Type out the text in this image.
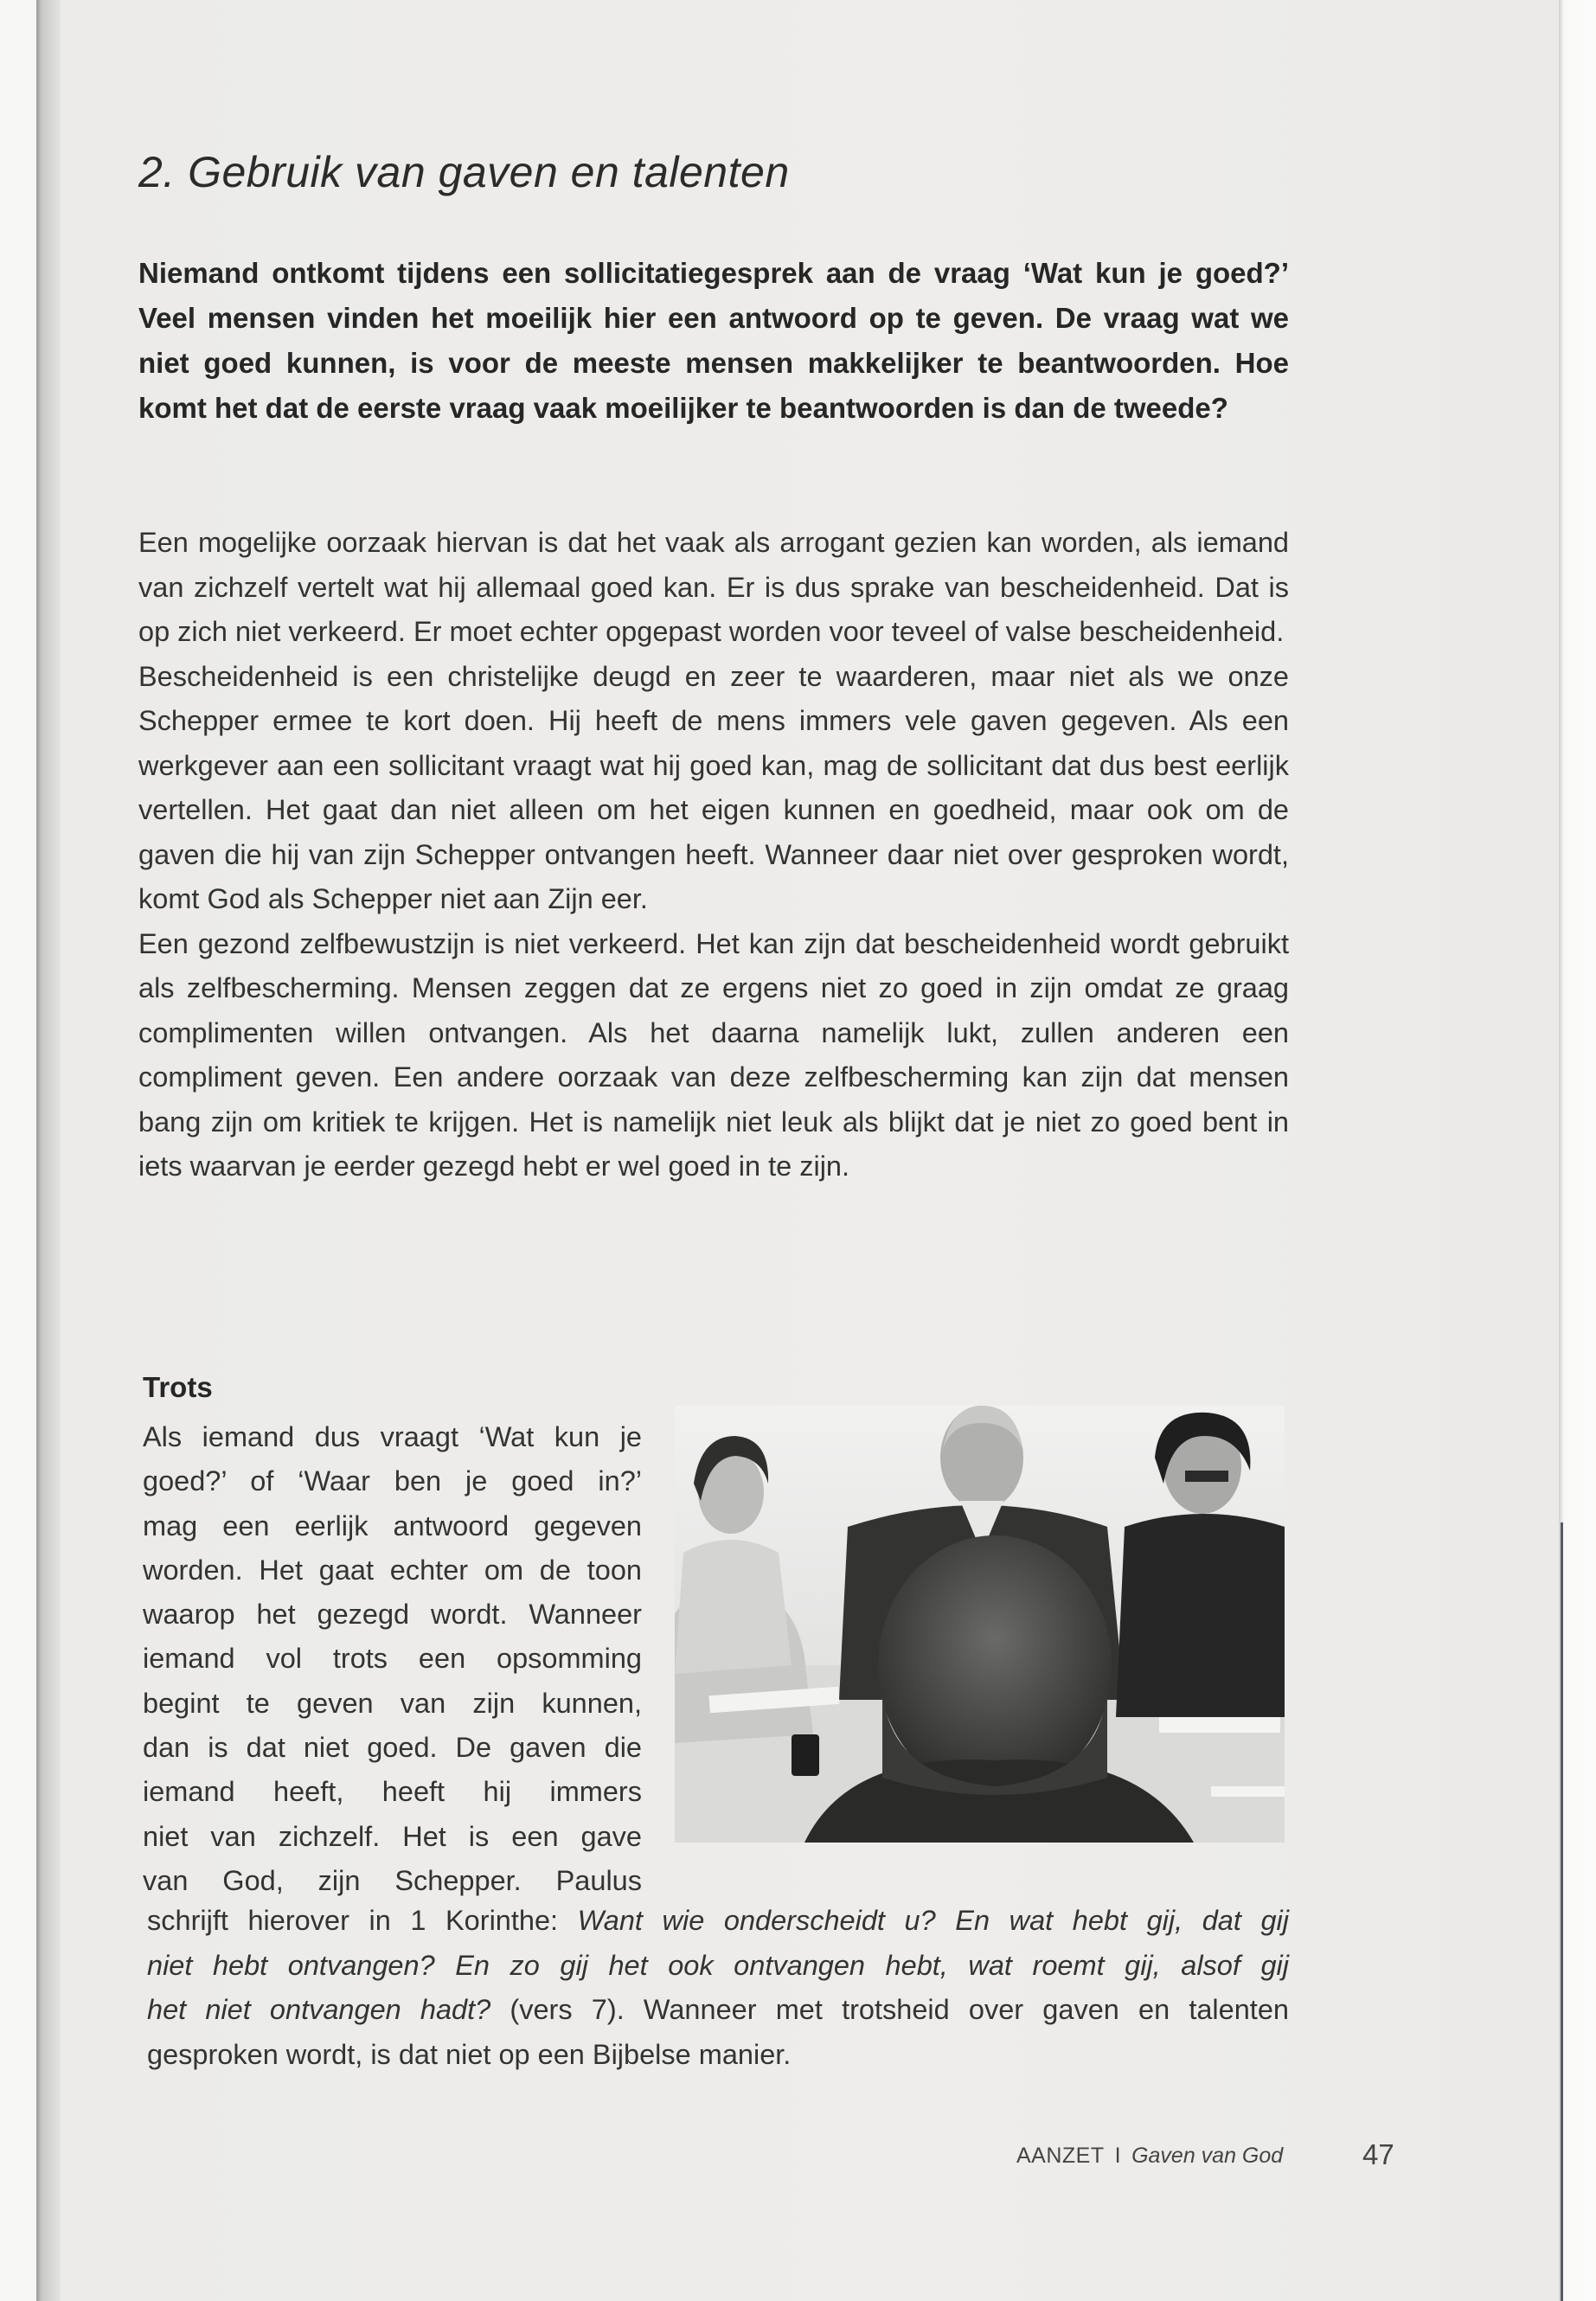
2. Gebruik van gaven en talenten

Niemand ontkomt tijdens een sollicitatiegesprek aan de vraag ‘Wat kun je goed?’ Veel mensen vinden het moeilijk hier een antwoord op te geven. De vraag wat we niet goed kunnen, is voor de meeste mensen makkelijker te beantwoorden. Hoe komt het dat de eerste vraag vaak moeilijker te beantwoorden is dan de tweede?

Een mogelijke oorzaak hiervan is dat het vaak als arrogant gezien kan worden, als iemand van zichzelf vertelt wat hij allemaal goed kan. Er is dus sprake van bescheidenheid. Dat is op zich niet verkeerd. Er moet echter opgepast worden voor teveel of valse bescheidenheid.

Bescheidenheid is een christelijke deugd en zeer te waarderen, maar niet als we onze Schepper ermee te kort doen. Hij heeft de mens immers vele gaven gegeven. Als een werkgever aan een sollicitant vraagt wat hij goed kan, mag de sollicitant dat dus best eerlijk vertellen. Het gaat dan niet alleen om het eigen kunnen en goedheid, maar ook om de gaven die hij van zijn Schepper ontvangen heeft. Wanneer daar niet over gesproken wordt, komt God als Schepper niet aan Zijn eer.

Een gezond zelfbewustzijn is niet verkeerd. Het kan zijn dat bescheidenheid wordt gebruikt als zelfbescherming. Mensen zeggen dat ze ergens niet zo goed in zijn omdat ze graag complimenten willen ontvangen. Als het daarna namelijk lukt, zullen anderen een compliment geven. Een andere oorzaak van deze zelfbescherming kan zijn dat mensen bang zijn om kritiek te krijgen. Het is namelijk niet leuk als blijkt dat je niet zo goed bent in iets waarvan je eerder gezegd hebt er wel goed in te zijn.

Trots
Als iemand dus vraagt ‘Wat kun je
goed?’ of ‘Waar ben je goed in?’
mag een eerlijk antwoord gegeven
worden. Het gaat echter om de toon
waarop het gezegd wordt. Wanneer
iemand vol trots een opsomming
begint te geven van zijn kunnen,
dan is dat niet goed. De gaven die
iemand heeft, heeft hij immers
niet van zichzelf. Het is een gave
van God, zijn Schepper. Paulus
schrijft hierover in 1 Korinthe: Want wie onderscheidt u? En wat hebt gij, dat gij
niet hebt ontvangen? En zo gij het ook ontvangen hebt, wat roemt gij, alsof gij
het niet ontvangen hadt? (vers 7). Wanneer met trotsheid over gaven en talenten
gesproken wordt, is dat niet op een Bijbelse manier.
AANZET I Gaven van God	47
